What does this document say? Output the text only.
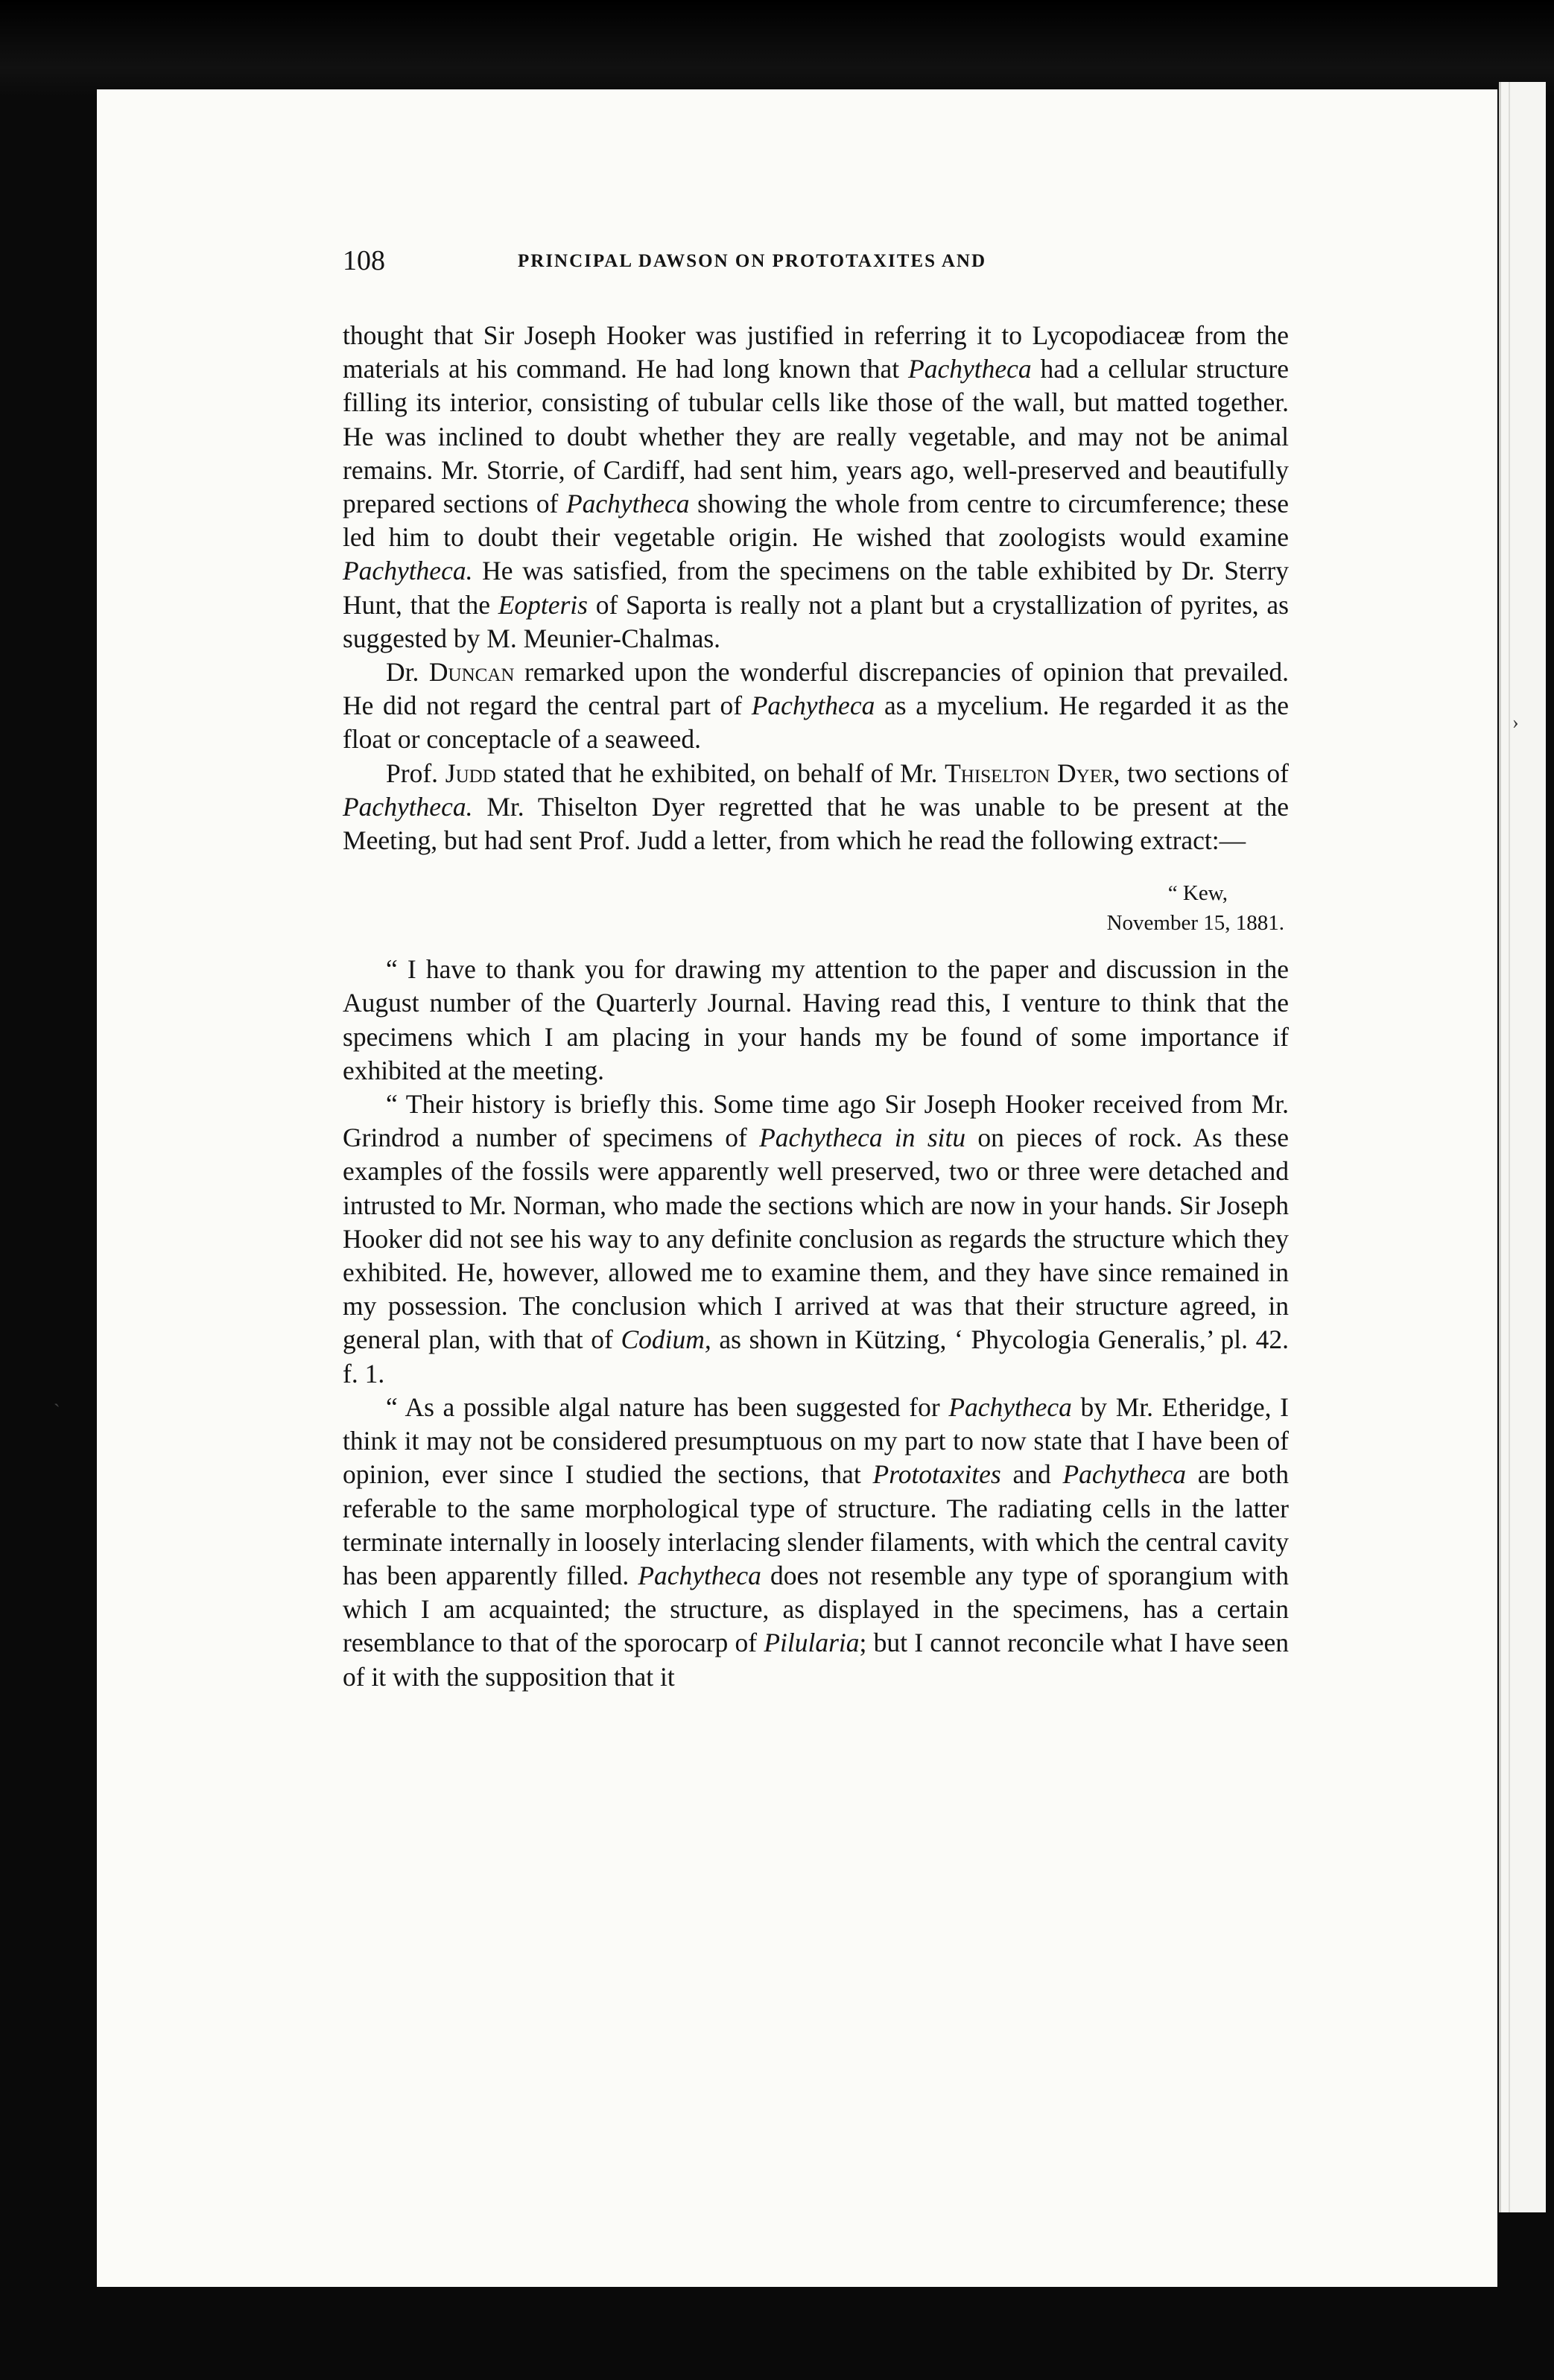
›
ˋ
108	PRINCIPAL DAWSON ON PROTOTAXITES AND

thought that Sir Joseph Hooker was justified in referring it to Lycopodiaceæ from the materials at his command. He had long known that Pachytheca had a cellular structure filling its interior, consisting of tubular cells like those of the wall, but matted together. He was inclined to doubt whether they are really vegetable, and may not be animal remains. Mr. Storrie, of Cardiff, had sent him, years ago, well-preserved and beautifully prepared sections of Pachytheca showing the whole from centre to circumference; these led him to doubt their vegetable origin. He wished that zoologists would examine Pachytheca. He was satisfied, from the specimens on the table exhibited by Dr. Sterry Hunt, that the Eopteris of Saporta is really not a plant but a crystallization of pyrites, as suggested by M. Meunier-Chalmas.

Dr. Duncan remarked upon the wonderful discrepancies of opinion that prevailed. He did not regard the central part of Pachytheca as a mycelium. He regarded it as the float or conceptacle of a seaweed.

Prof. Judd stated that he exhibited, on behalf of Mr. Thiselton Dyer, two sections of Pachytheca. Mr. Thiselton Dyer regretted that he was unable to be present at the Meeting, but had sent Prof. Judd a letter, from which he read the following extract:—

“ Kew,
November 15, 1881.

“ I have to thank you for drawing my attention to the paper and discussion in the August number of the Quarterly Journal. Having read this, I venture to think that the specimens which I am placing in your hands my be found of some importance if exhibited at the meeting.

“ Their history is briefly this. Some time ago Sir Joseph Hooker received from Mr. Grindrod a number of specimens of Pachytheca in situ on pieces of rock. As these examples of the fossils were apparently well preserved, two or three were detached and intrusted to Mr. Norman, who made the sections which are now in your hands. Sir Joseph Hooker did not see his way to any definite conclusion as regards the structure which they exhibited. He, however, allowed me to examine them, and they have since remained in my possession. The conclusion which I arrived at was that their structure agreed, in general plan, with that of Codium, as shown in Kützing, ‘ Phycologia Generalis,’ pl. 42. f. 1.

“ As a possible algal nature has been suggested for Pachytheca by Mr. Etheridge, I think it may not be considered presumptuous on my part to now state that I have been of opinion, ever since I studied the sections, that Prototaxites and Pachytheca are both referable to the same morphological type of structure. The radiating cells in the latter terminate internally in loosely interlacing slender filaments, with which the central cavity has been apparently filled. Pachytheca does not resemble any type of sporangium with which I am acquainted; the structure, as displayed in the specimens, has a certain resemblance to that of the sporocarp of Pilularia; but I cannot reconcile what I have seen of it with the supposition that it
